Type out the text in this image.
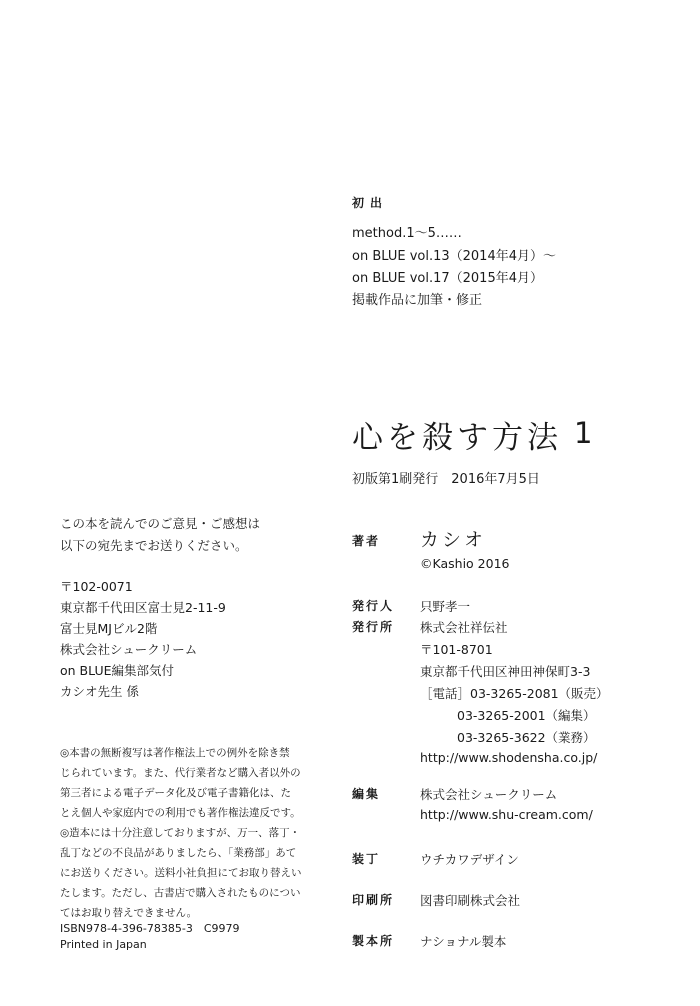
初出
method.1〜5……
on BLUE vol.13（2014年4月）〜
on BLUE vol.17（2015年4月）
掲載作品に加筆・修正
心を殺す方法 1
初版第1刷発行　2016年7月5日
著者 カシオ
©Kashio 2016
発行人 只野孝一
発行所 株式会社祥伝社
〒101-8701
東京都千代田区神田神保町3-3
［電話］03-3265-2081（販売）
03-3265-2001（編集）
03-3265-3622（業務）
http://www.shodensha.co.jp/
編集	株式会社シュークリーム
http://www.shu-cream.com/
装丁	ウチカワデザイン
印刷所 図書印刷株式会社
製本所 ナショナル製本
この本を読んでのご意見・ご感想は
以下の宛先までお送りください。
〒102-0071
東京都千代田区富士見2-11-9
富士見MJビル2階
株式会社シュークリーム
on BLUE編集部気付
カシオ先生 係
◎本書の無断複写は著作権法上での例外を除き禁
じられています。また、代行業者など購入者以外の
第三者による電子データ化及び電子書籍化は、た
とえ個人や家庭内での利用でも著作権法違反です。
◎造本には十分注意しておりますが、万一、落丁・
乱丁などの不良品がありましたら、「業務部」あて
にお送りください。送料小社負担にてお取り替えい
たします。ただし、古書店で購入されたものについ
てはお取り替えできません。
ISBN978-4-396-78385-3　C9979
Printed in Japan
